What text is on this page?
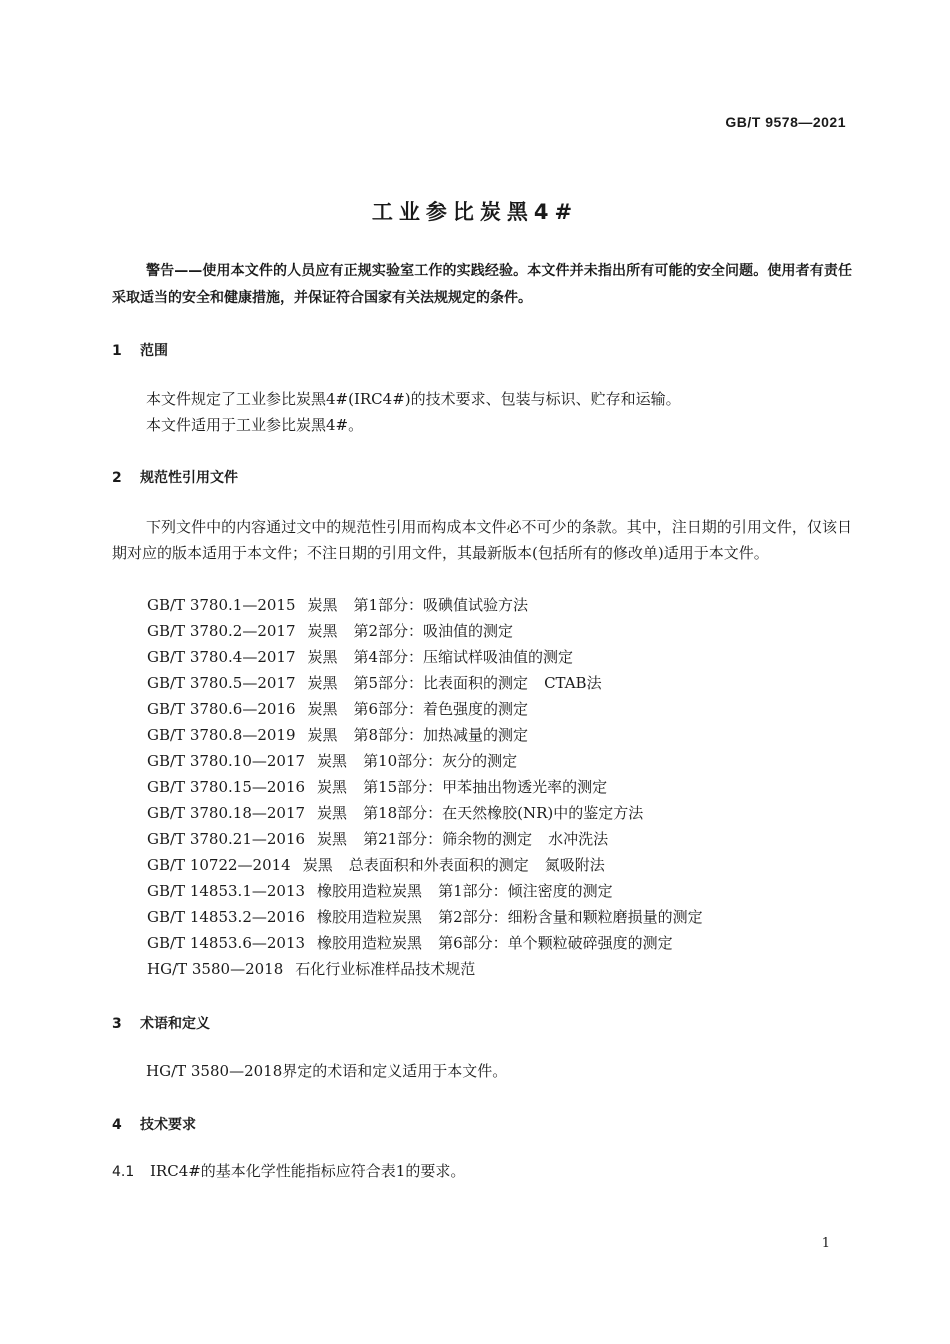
GB/T 9578—2021
工业参比炭黑4#
警告——使用本文件的人员应有正规实验室工作的实践经验。本文件并未指出所有可能的安全问题。使用者有责任采取适当的安全和健康措施，并保证符合国家有关法规规定的条件。
1 范围
本文件规定了工业参比炭黑4#(IRC4#)的技术要求、包装与标识、贮存和运输。
本文件适用于工业参比炭黑4#。
2 规范性引用文件
下列文件中的内容通过文中的规范性引用而构成本文件必不可少的条款。其中，注日期的引用文件，仅该日期对应的版本适用于本文件；不注日期的引用文件，其最新版本(包括所有的修改单)适用于本文件。
GB/T 3780.1—2015 炭黑 第1部分：吸碘值试验方法
GB/T 3780.2—2017 炭黑 第2部分：吸油值的测定
GB/T 3780.4—2017 炭黑 第4部分：压缩试样吸油值的测定
GB/T 3780.5—2017 炭黑 第5部分：比表面积的测定 CTAB法
GB/T 3780.6—2016 炭黑 第6部分：着色强度的测定
GB/T 3780.8—2019 炭黑 第8部分：加热减量的测定
GB/T 3780.10—2017 炭黑 第10部分：灰分的测定
GB/T 3780.15—2016 炭黑 第15部分：甲苯抽出物透光率的测定
GB/T 3780.18—2017 炭黑 第18部分：在天然橡胶(NR)中的鉴定方法
GB/T 3780.21—2016 炭黑 第21部分：筛余物的测定 水冲洗法
GB/T 10722—2014 炭黑 总表面积和外表面积的测定 氮吸附法
GB/T 14853.1—2013 橡胶用造粒炭黑 第1部分：倾注密度的测定
GB/T 14853.2—2016 橡胶用造粒炭黑 第2部分：细粉含量和颗粒磨损量的测定
GB/T 14853.6—2013 橡胶用造粒炭黑 第6部分：单个颗粒破碎强度的测定
HG/T 3580—2018 石化行业标准样品技术规范
3 术语和定义
HG/T 3580—2018界定的术语和定义适用于本文件。
4 技术要求
4.1 IRC4#的基本化学性能指标应符合表1的要求。
1
